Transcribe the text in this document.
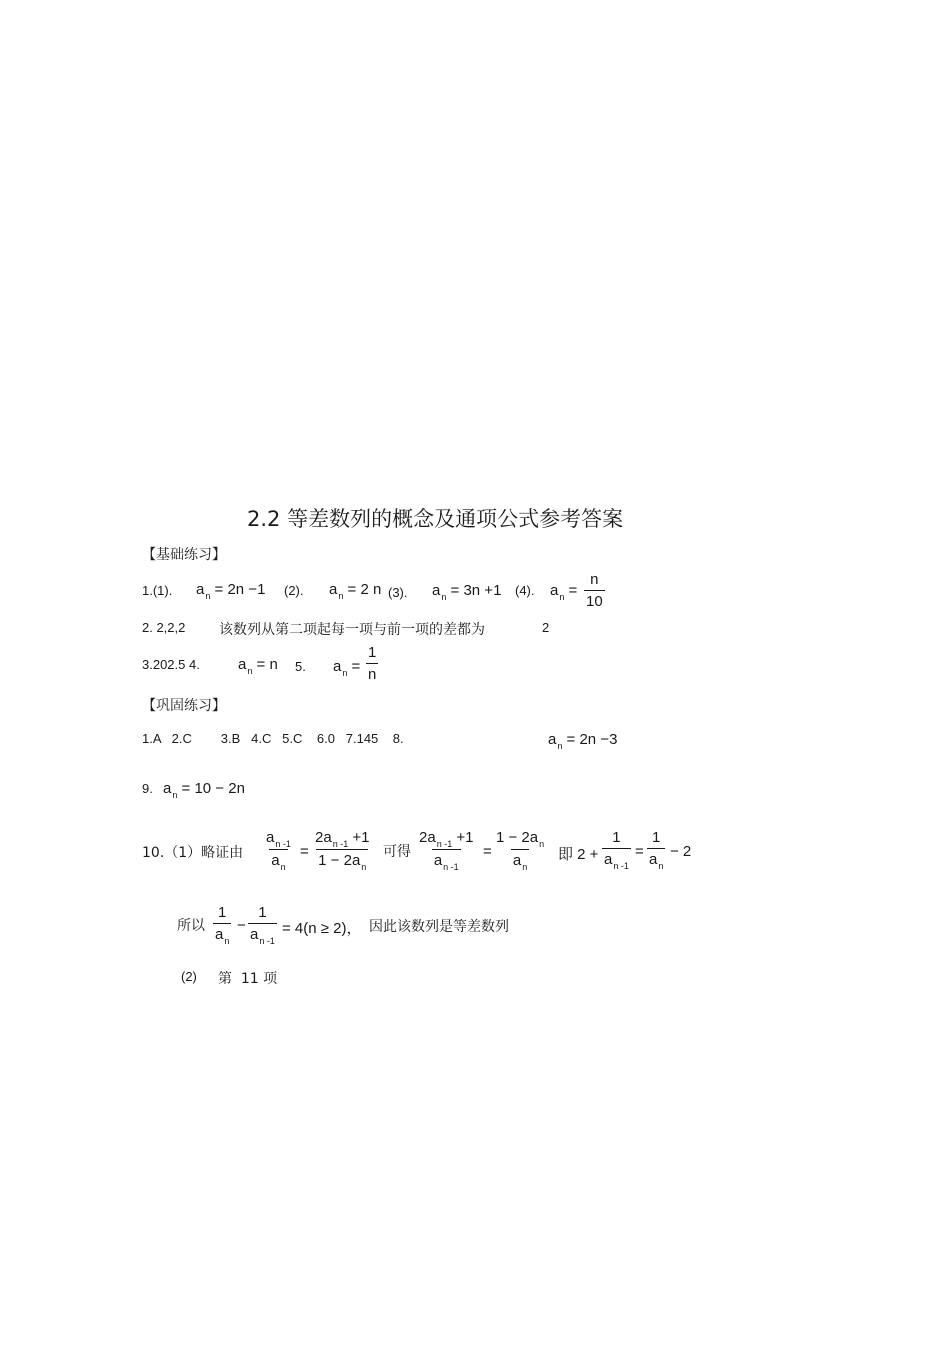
2.2 等差数列的概念及通项公式参考答案
【基础练习】
1.(1). $a_n = 2n -1$ (2). $a_n = 2$ n (3). $a_n = 3n +1$ (4). $a_n = \frac{n}{10}$
2. 2,2,2 该数列从第二项起每一项与前一项的差都为	2
3.202.5 4.	$a_n = n$ 5. $a_n = \frac{1}{n}$
【巩固练习】
1.A   2.C        3.B   4.C   5.C    6.0   7.145    8.	$a_n = 2n -3$
9. $a_n = 10 - 2n$
10.（1）略证由 $\frac{a_{n -1}}{a_n} = \frac{2a_{n -1} +1}{1 - 2a_n}$ 可得 $\frac{2a_{n -1} +1}{a_{n -1}} = \frac{1 - 2a_n}{a_n}$ 即 $2 + \frac{1}{a_{n -1}} = \frac{1}{a_n} - 2$
所以 $\frac{1}{a_n} - \frac{1}{a_{n -1}} = 4(n \ge 2)$， 因此该数列是等差数列
(2) 第  11 项
